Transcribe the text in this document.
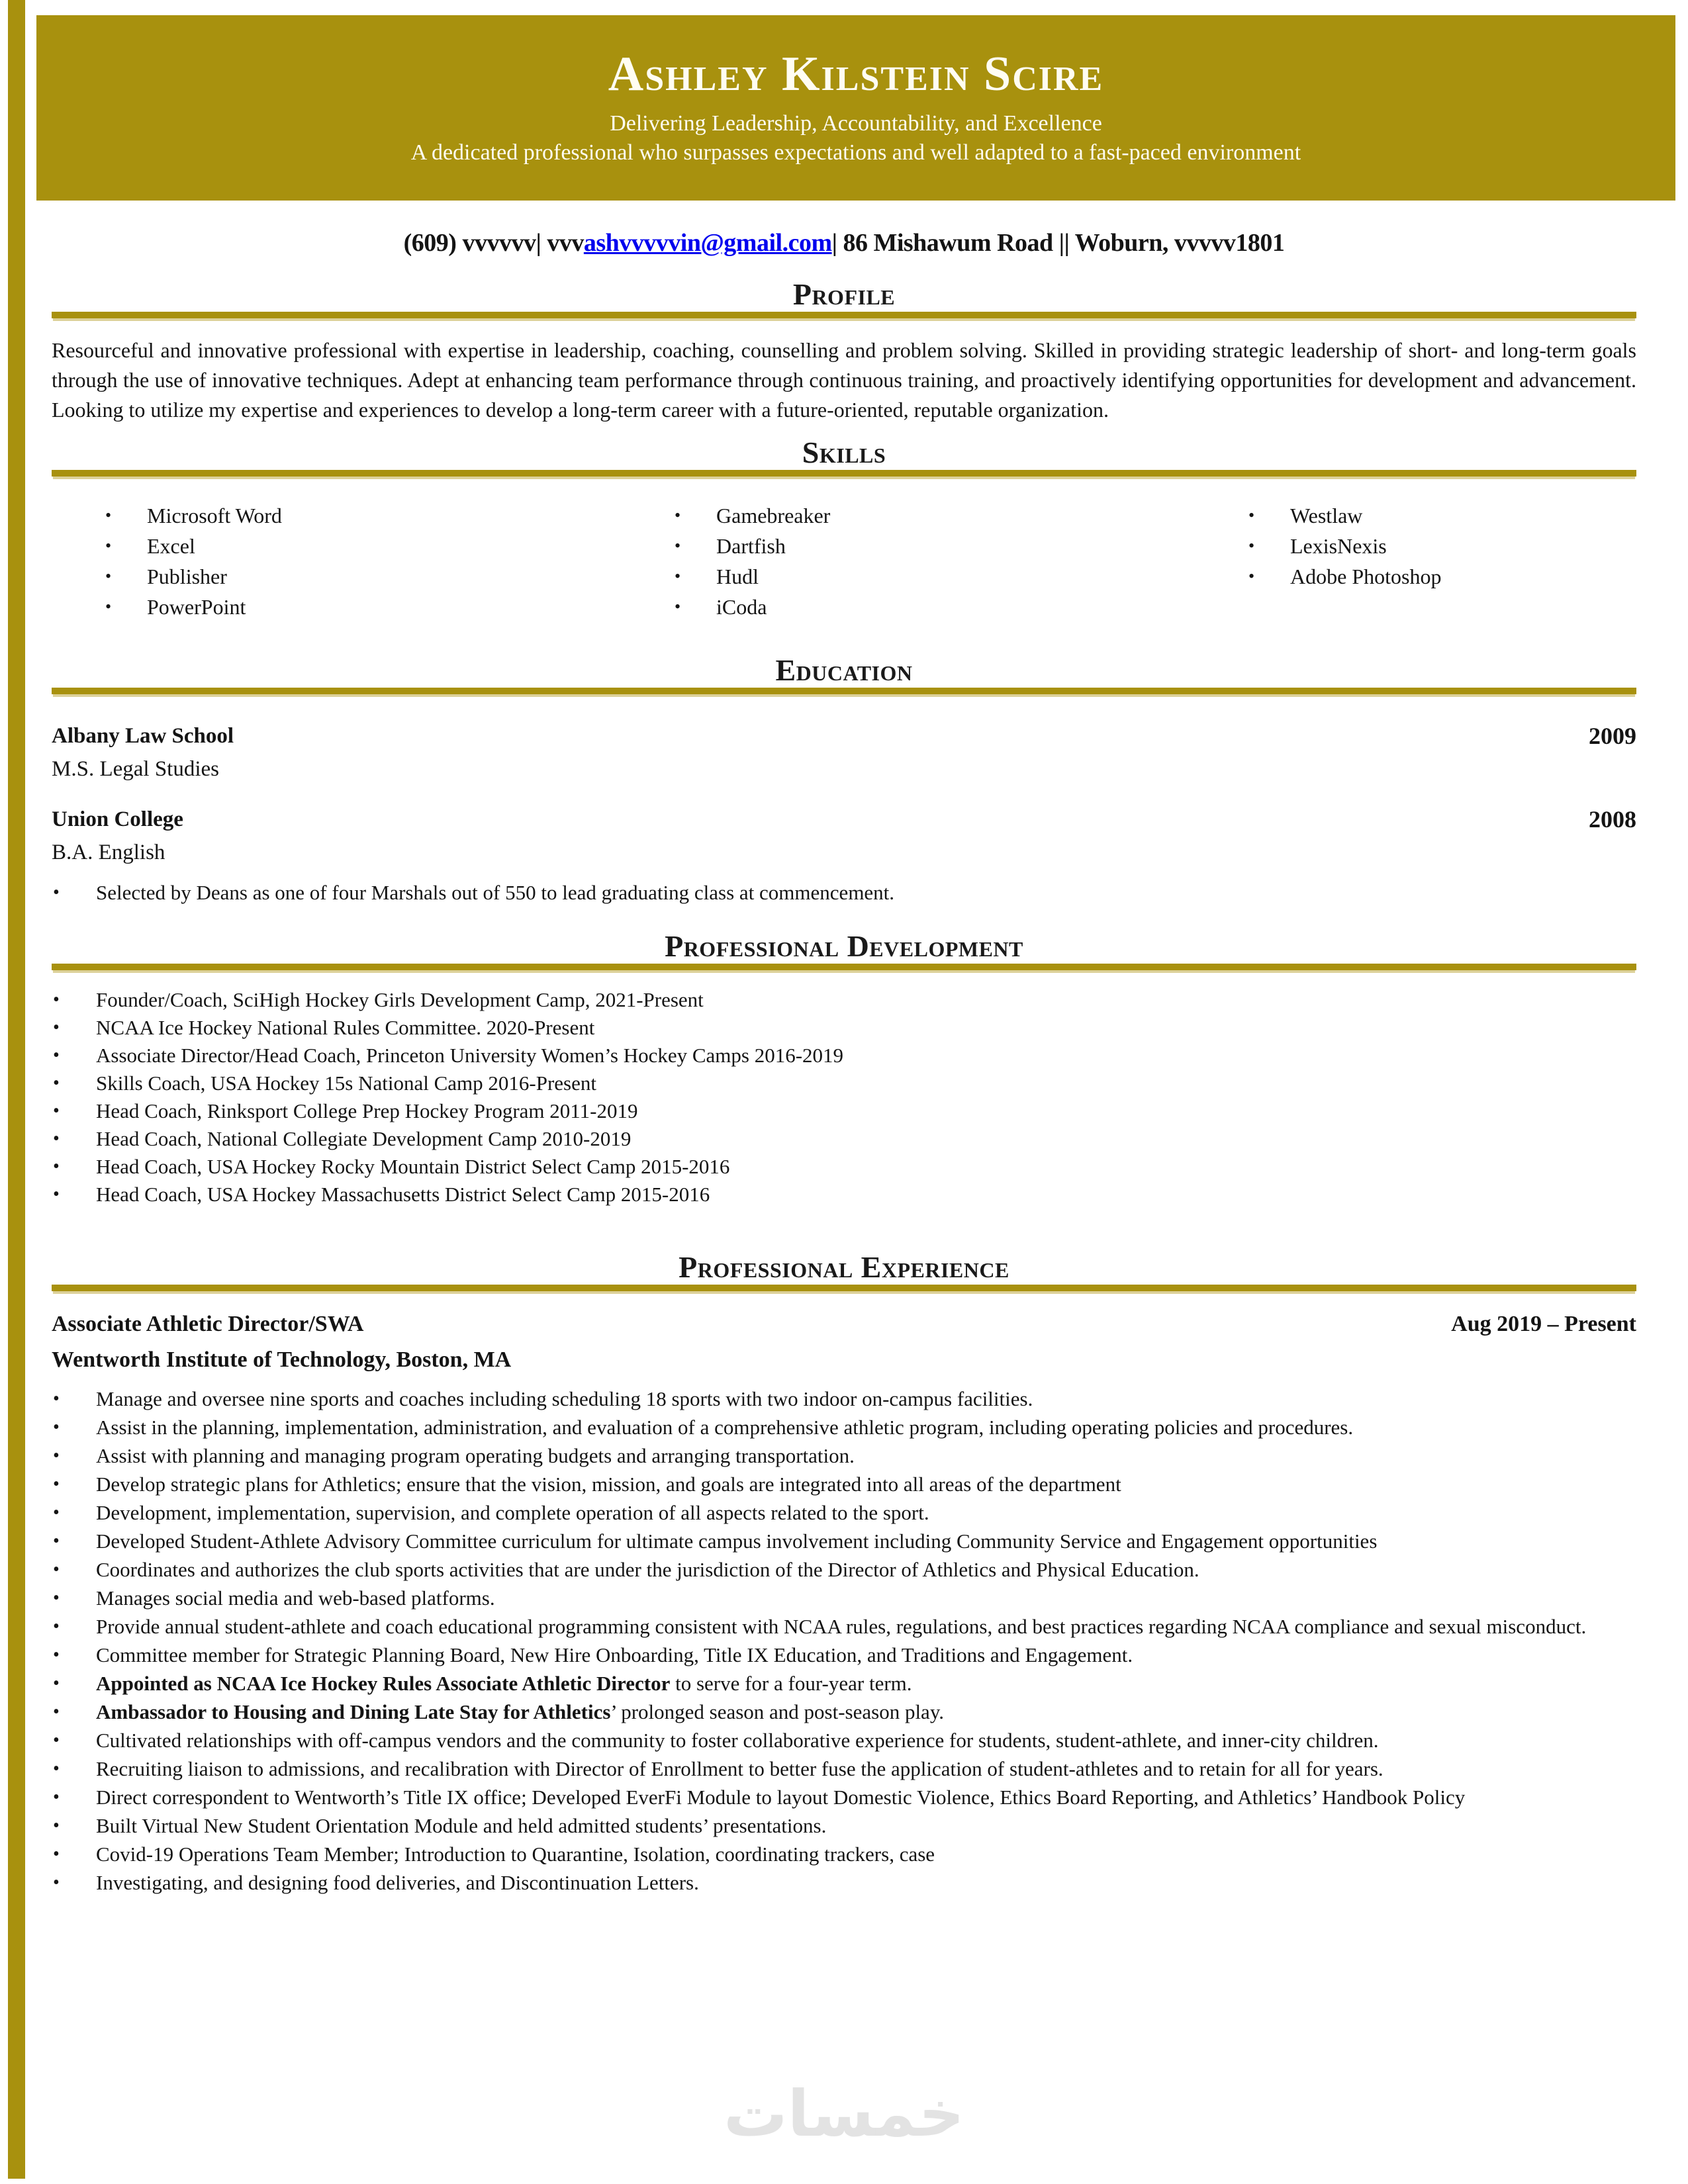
خمسات
Ashley Kilstein Scire
Delivering Leadership, Accountability, and Excellence
A dedicated professional who surpasses expectations and well adapted to a fast-paced environment
(609) vvvvvv| vvvashvvvvvin@gmail.com| 86 Mishawum Road || Woburn, vvvvv1801
Profile
Resourceful and innovative professional with expertise in leadership, coaching, counselling and problem solving. Skilled in providing strategic leadership of short- and long-term goals through the use of innovative techniques. Adept at enhancing team performance through continuous training, and proactively identifying opportunities for development and advancement. Looking to utilize my expertise and experiences to develop a long-term career with a future-oriented, reputable organization.
Skills
• Microsoft Word
• Excel
• Publisher
• PowerPoint
• Gamebreaker
• Dartfish
• Hudl
• iCoda
• Westlaw
• LexisNexis
• Adobe Photoshop
Education
Albany Law School	2009
M.S. Legal Studies
Union College	2008
B.A. English
• Selected by Deans as one of four Marshals out of 550 to lead graduating class at commencement.
Professional Development
• Founder/Coach, SciHigh Hockey Girls Development Camp, 2021-Present
• NCAA Ice Hockey National Rules Committee. 2020-Present
• Associate Director/Head Coach, Princeton University Women’s Hockey Camps 2016-2019
• Skills Coach, USA Hockey 15s National Camp 2016-Present
• Head Coach, Rinksport College Prep Hockey Program 2011-2019
• Head Coach, National Collegiate Development Camp 2010-2019
• Head Coach, USA Hockey Rocky Mountain District Select Camp 2015-2016
• Head Coach, USA Hockey Massachusetts District Select Camp 2015-2016
Professional Experience
Associate Athletic Director/SWA	Aug 2019 – Present
Wentworth Institute of Technology, Boston, MA
• Manage and oversee nine sports and coaches including scheduling 18 sports with two indoor on-campus facilities.
• Assist in the planning, implementation, administration, and evaluation of a comprehensive athletic program, including operating policies and procedures.
• Assist with planning and managing program operating budgets and arranging transportation.
• Develop strategic plans for Athletics; ensure that the vision, mission, and goals are integrated into all areas of the department
• Development, implementation, supervision, and complete operation of all aspects related to the sport.
• Developed Student-Athlete Advisory Committee curriculum for ultimate campus involvement including Community Service and Engagement opportunities
• Coordinates and authorizes the club sports activities that are under the jurisdiction of the Director of Athletics and Physical Education.
• Manages social media and web-based platforms.
• Provide annual student-athlete and coach educational programming consistent with NCAA rules, regulations, and best practices regarding NCAA compliance and sexual misconduct.
• Committee member for Strategic Planning Board, New Hire Onboarding, Title IX Education, and Traditions and Engagement.
• Appointed as NCAA Ice Hockey Rules Associate Athletic Director to serve for a four-year term.
• Ambassador to Housing and Dining Late Stay for Athletics’ prolonged season and post-season play.
• Cultivated relationships with off-campus vendors and the community to foster collaborative experience for students, student-athlete, and inner-city children.
• Recruiting liaison to admissions, and recalibration with Director of Enrollment to better fuse the application of student-athletes and to retain for all for years.
• Direct correspondent to Wentworth’s Title IX office; Developed EverFi Module to layout Domestic Violence, Ethics Board Reporting, and Athletics’ Handbook Policy
• Built Virtual New Student Orientation Module and held admitted students’ presentations.
• Covid-19 Operations Team Member; Introduction to Quarantine, Isolation, coordinating trackers, case
• Investigating, and designing food deliveries, and Discontinuation Letters.
